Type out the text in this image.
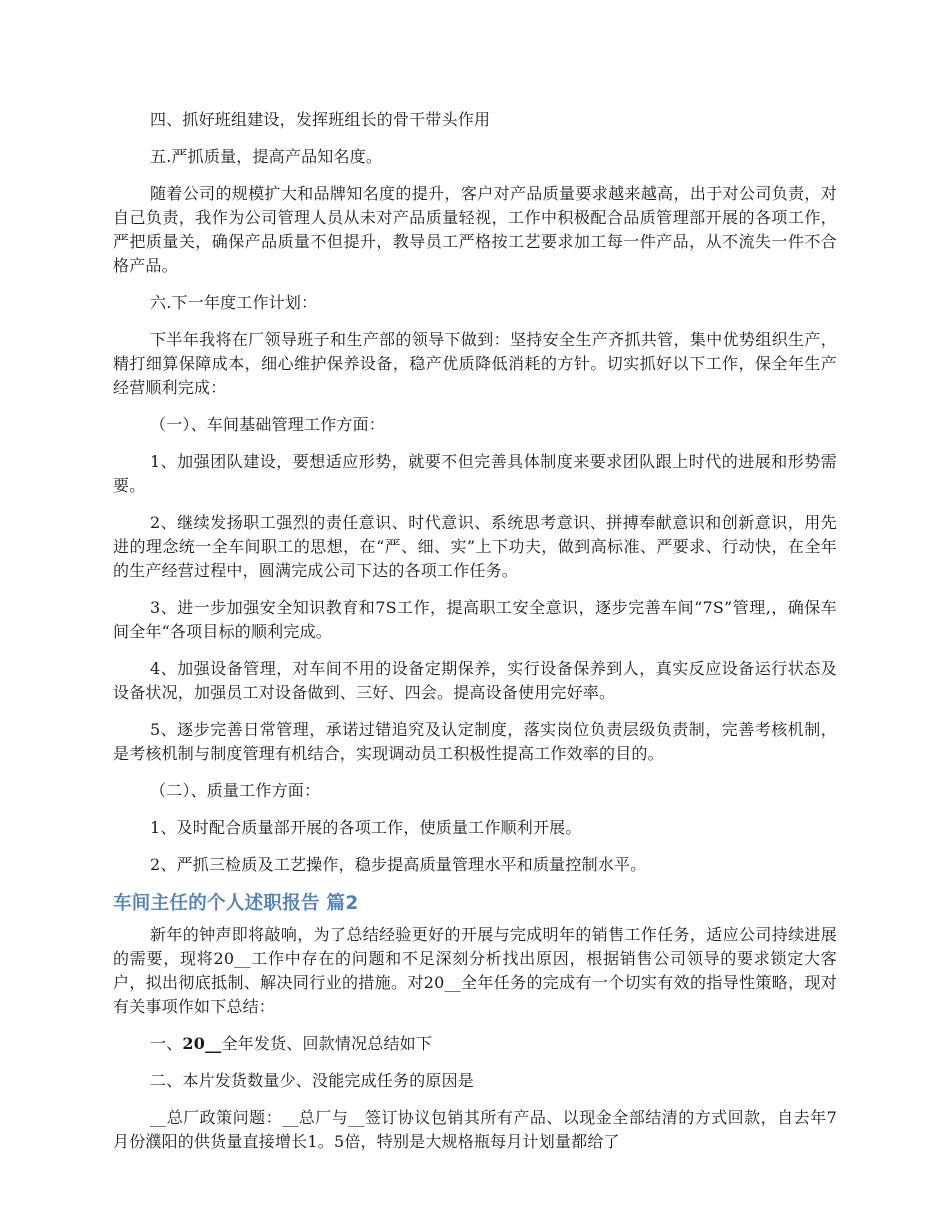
四、抓好班组建设，发挥班组长的骨干带头作用

五.严抓质量，提高产品知名度。

随着公司的规模扩大和品牌知名度的提升，客户对产品质量要求越来越高，出于对公司负责，对自己负责，我作为公司管理人员从未对产品质量轻视，工作中积极配合品质管理部开展的各项工作，严把质量关，确保产品质量不但提升，教导员工严格按工艺要求加工每一件产品，从不流失一件不合格产品。

六.下一年度工作计划：

下半年我将在厂领导班子和生产部的领导下做到：坚持安全生产齐抓共管，集中优势组织生产，精打细算保障成本，细心维护保养设备，稳产优质降低消耗的方针。切实抓好以下工作，保全年生产经营顺利完成：

（一）、车间基础管理工作方面：

1、加强团队建设，要想适应形势，就要不但完善具体制度来要求团队跟上时代的进展和形势需要。

2、继续发扬职工强烈的责任意识、时代意识、系统思考意识、拼搏奉献意识和创新意识，用先进的理念统一全车间职工的思想，在“严、细、实”上下功夫，做到高标准、严要求、行动快，在全年的生产经营过程中，圆满完成公司下达的各项工作任务。

3、进一步加强安全知识教育和7S工作，提高职工安全意识，逐步完善车间“7S”管理,，确保车间全年“各项目标的顺利完成。

4、加强设备管理，对车间不用的设备定期保养，实行设备保养到人，真实反应设备运行状态及设备状况，加强员工对设备做到、三好、四会。提高设备使用完好率。

5、逐步完善日常管理，承诺过错追究及认定制度，落实岗位负责层级负责制，完善考核机制，是考核机制与制度管理有机结合，实现调动员工积极性提高工作效率的目的。

（二）、质量工作方面：

1、及时配合质量部开展的各项工作，使质量工作顺利开展。

2、严抓三检质及工艺操作，稳步提高质量管理水平和质量控制水平。

车间主任的个人述职报告 篇2

新年的钟声即将敲响，为了总结经验更好的开展与完成明年的销售工作任务，适应公司持续进展的需要，现将20__工作中存在的问题和不足深刻分析找出原因，根据销售公司领导的要求锁定大客户，拟出彻底抵制、解决同行业的措施。对20__全年任务的完成有一个切实有效的指导性策略，现对有关事项作如下总结：

一、20__全年发货、回款情况总结如下

二、本片发货数量少、没能完成任务的原因是

__总厂政策问题：__总厂与__签订协议包销其所有产品、以现金全部结清的方式回款，自去年7月份濮阳的供货量直接增长1。5倍，特别是大规格瓶每月计划量都给了
